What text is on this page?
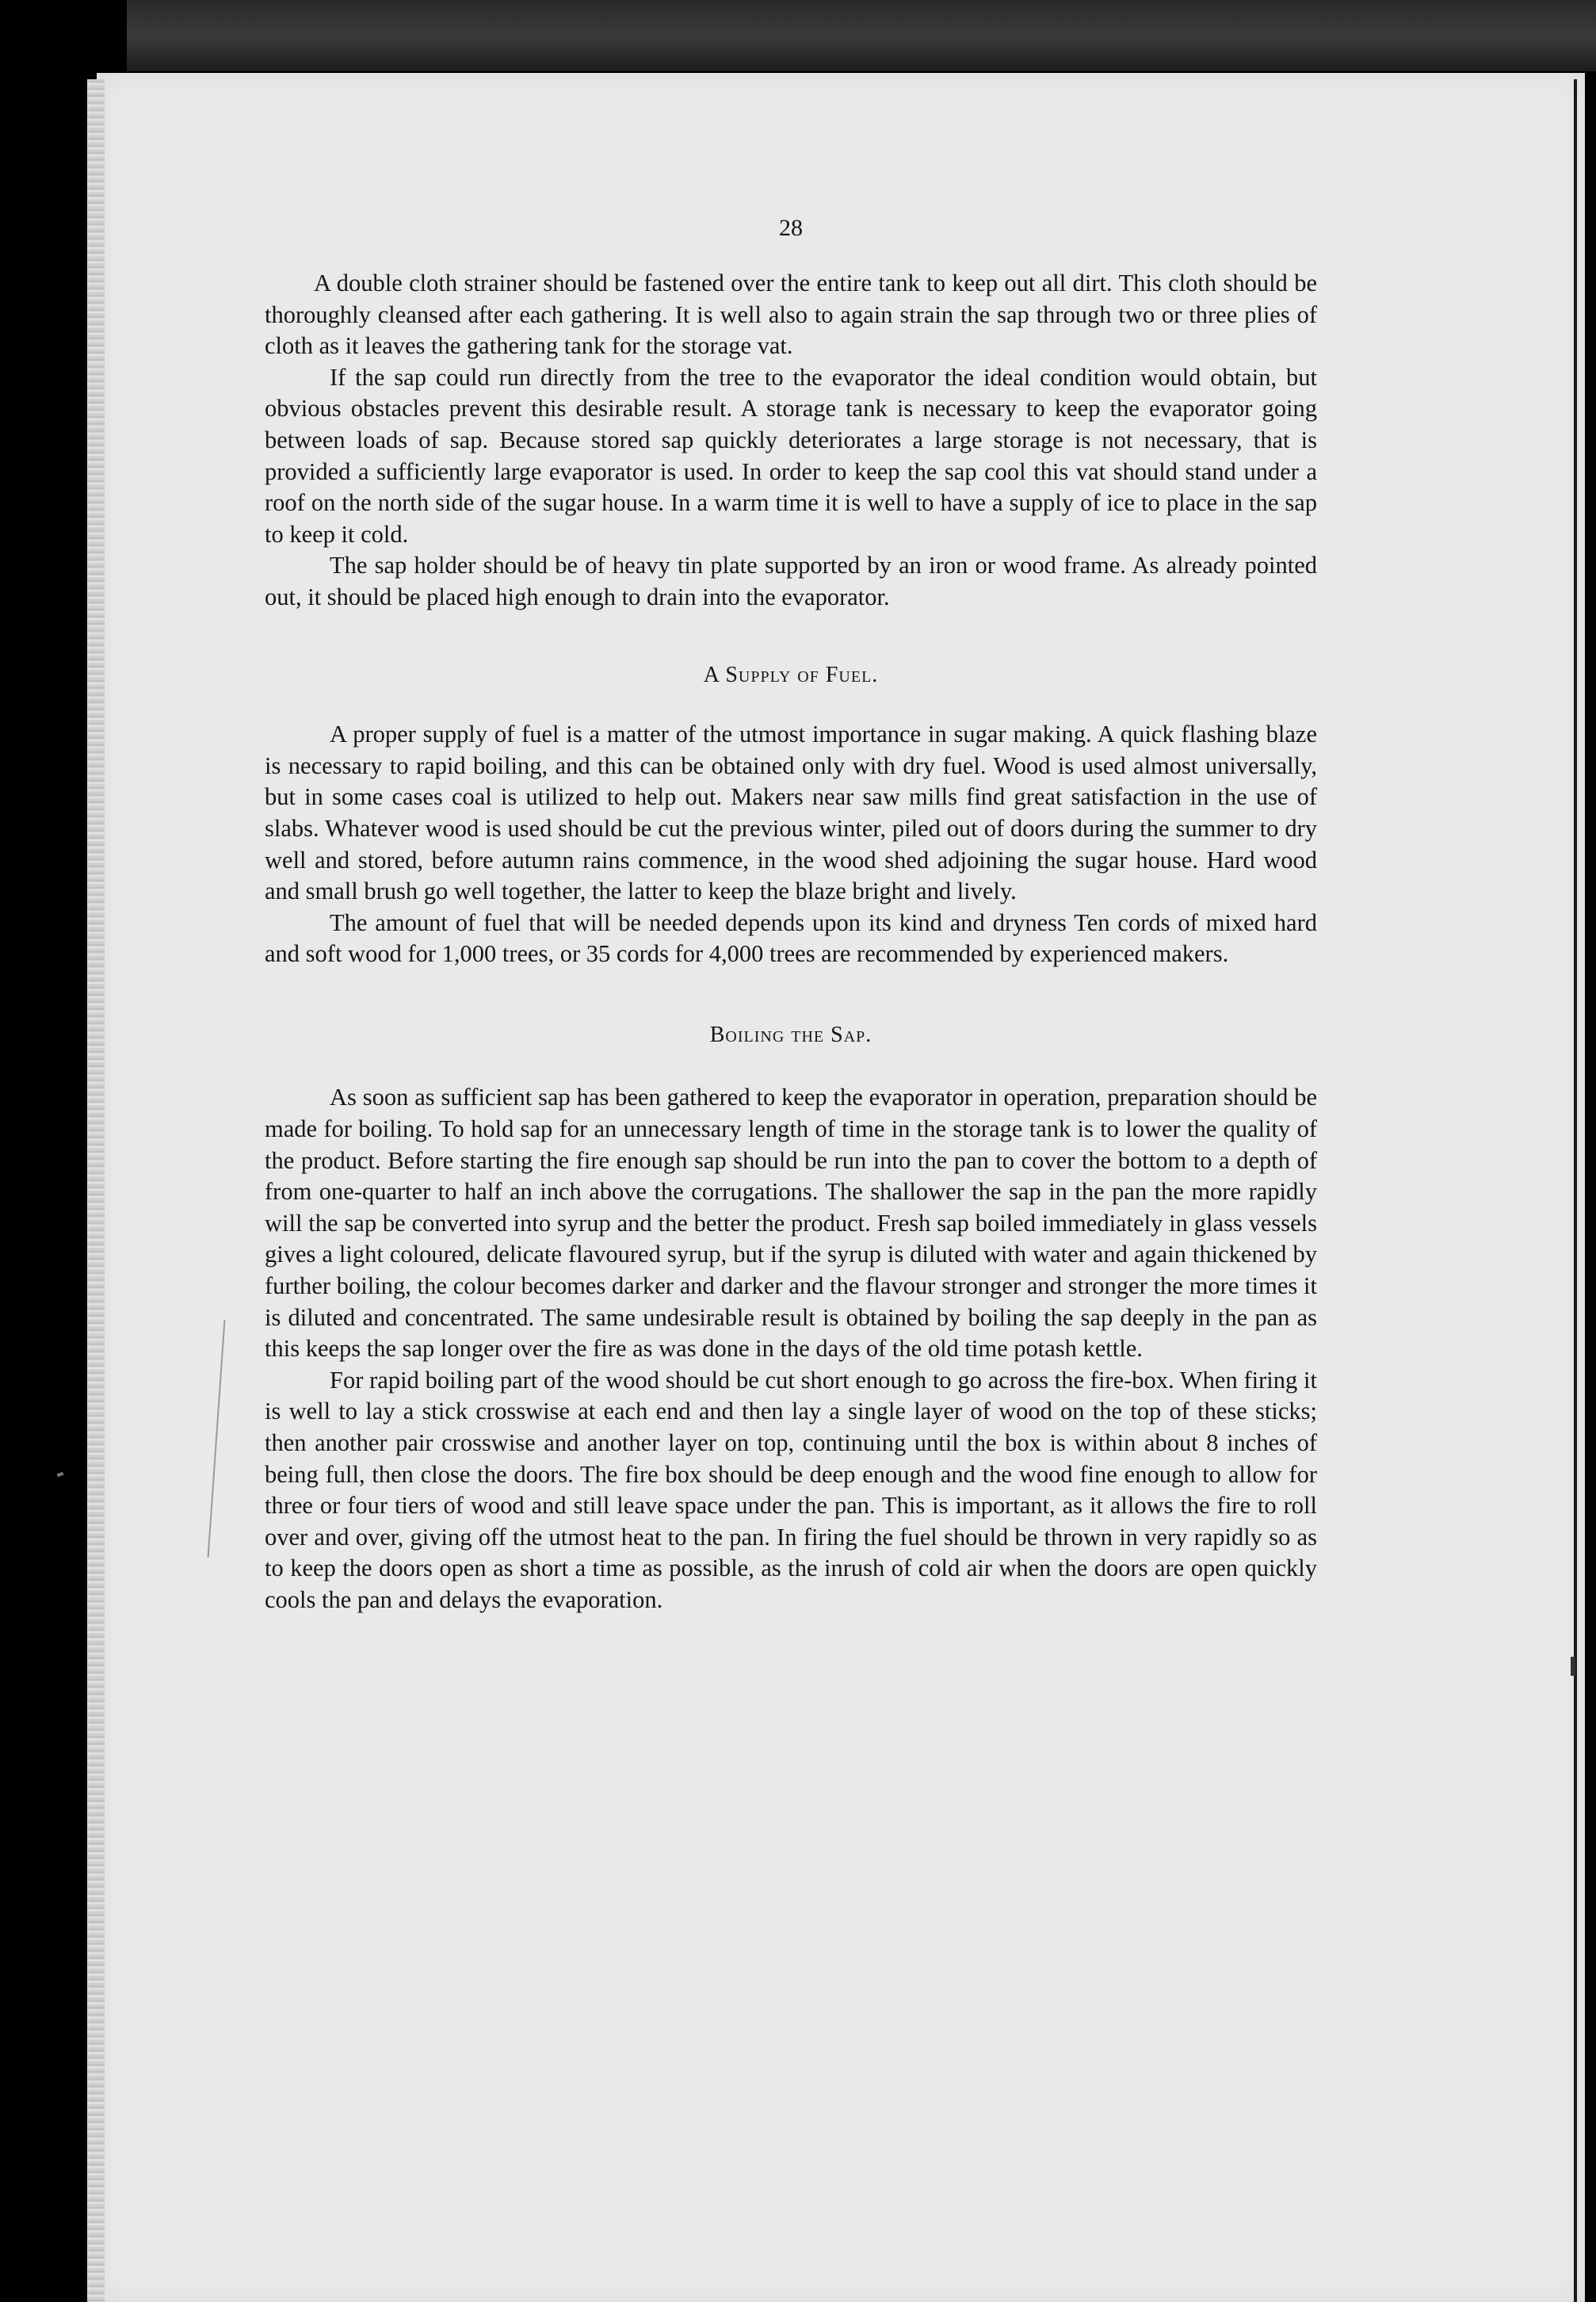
28

A double cloth strainer should be fastened over the entire tank to keep out all dirt. This cloth should be thoroughly cleansed after each gathering. It is well also to again strain the sap through two or three plies of cloth as it leaves the gathering tank for the storage vat.

If the sap could run directly from the tree to the evaporator the ideal condition would obtain, but obvious obstacles prevent this desirable result. A storage tank is necessary to keep the evaporator going between loads of sap. Because stored sap quickly deteriorates a large storage is not necessary, that is provided a sufficiently large evaporator is used. In order to keep the sap cool this vat should stand under a roof on the north side of the sugar house. In a warm time it is well to have a supply of ice to place in the sap to keep it cold.

The sap holder should be of heavy tin plate supported by an iron or wood frame. As already pointed out, it should be placed high enough to drain into the evaporator.

A Supply of Fuel.

A proper supply of fuel is a matter of the utmost importance in sugar making. A quick flashing blaze is necessary to rapid boiling, and this can be obtained only with dry fuel. Wood is used almost universally, but in some cases coal is utilized to help out. Makers near saw mills find great satisfaction in the use of slabs. Whatever wood is used should be cut the previous winter, piled out of doors during the summer to dry well and stored, before autumn rains commence, in the wood shed adjoining the sugar house. Hard wood and small brush go well together, the latter to keep the blaze bright and lively.

The amount of fuel that will be needed depends upon its kind and dryness Ten cords of mixed hard and soft wood for 1,000 trees, or 35 cords for 4,000 trees are recommended by experienced makers.

Boiling the Sap.

As soon as sufficient sap has been gathered to keep the evaporator in operation, preparation should be made for boiling. To hold sap for an unnecessary length of time in the storage tank is to lower the quality of the product. Before starting the fire enough sap should be run into the pan to cover the bottom to a depth of from one-quarter to half an inch above the corrugations. The shallower the sap in the pan the more rapidly will the sap be converted into syrup and the better the product. Fresh sap boiled immediately in glass vessels gives a light coloured, delicate flavoured syrup, but if the syrup is diluted with water and again thickened by further boiling, the colour becomes darker and darker and the flavour stronger and stronger the more times it is diluted and concentrated. The same undesirable result is obtained by boiling the sap deeply in the pan as this keeps the sap longer over the fire as was done in the days of the old time potash kettle.

For rapid boiling part of the wood should be cut short enough to go across the fire-box. When firing it is well to lay a stick crosswise at each end and then lay a single layer of wood on the top of these sticks; then another pair crosswise and another layer on top, continuing until the box is within about 8 inches of being full, then close the doors. The fire box should be deep enough and the wood fine enough to allow for three or four tiers of wood and still leave space under the pan. This is important, as it allows the fire to roll over and over, giving off the utmost heat to the pan. In firing the fuel should be thrown in very rapidly so as to keep the doors open as short a time as possible, as the inrush of cold air when the doors are open quickly cools the pan and delays the evaporation.
